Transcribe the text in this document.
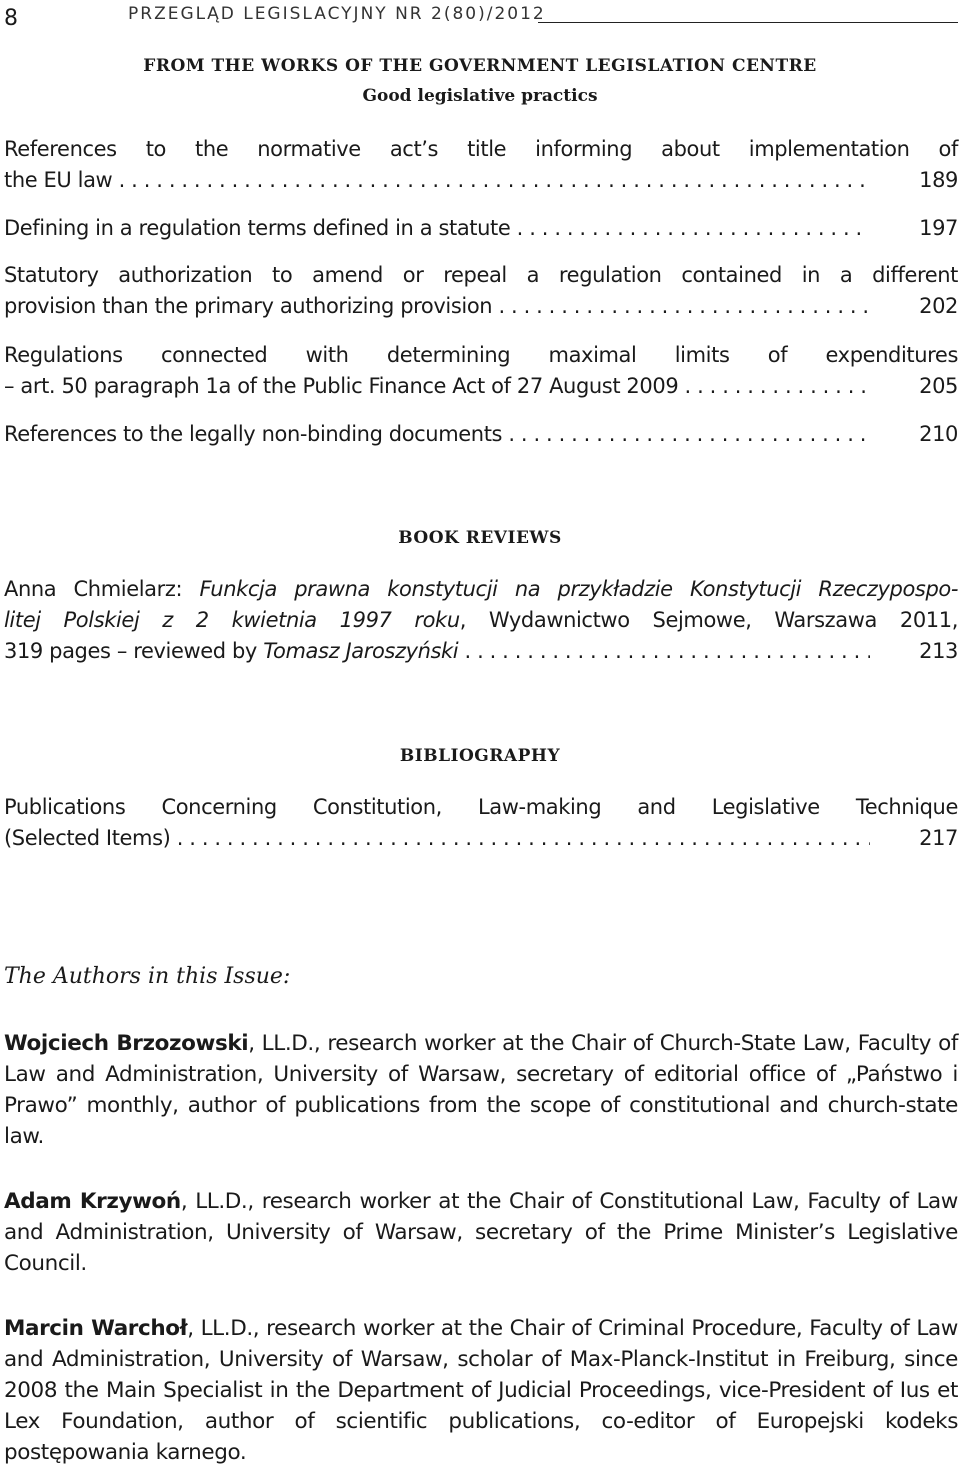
8	PRZEGLĄD LEGISLACYJNY NR 2(80)/2012
FROM THE WORKS OF THE GOVERNMENT LEGISLATION CENTRE
Good legislative practics
References to the normative act’s title informing about implementation of
the EU law . . .	189
Defining in a regulation terms defined in a statute . . .	197
Statutory authorization to amend or repeal a regulation contained in a different
provision than the primary authorizing provision . . .	202
Regulations connected with determining maximal limits of expenditures
– art. 50 paragraph 1a of the Public Finance Act of 27 August 2009 . . .	205
References to the legally non-binding documents . . .	210
BOOK REVIEWS
Anna Chmielarz: Funkcja prawna konstytucji na przykładzie Konstytucji Rzeczypospo-
litej Polskiej z 2 kwietnia 1997 roku, Wydawnictwo Sejmowe, Warszawa 2011,
319 pages – reviewed by Tomasz Jaroszyński . . .	213
BIBLIOGRAPHY
Publications Concerning Constitution, Law-making and Legislative Technique
(Selected Items) . . .	217
The Authors in this Issue:
Wojciech Brzozowski, LL.D., research worker at the Chair of Church-State Law, Faculty of Law and Administration, University of Warsaw, secretary of editorial office of „Państwo i Prawo” monthly, author of publications from the scope of constitutional and church-state law.
Adam Krzywoń, LL.D., research worker at the Chair of Constitutional Law, Faculty of Law and Administration, University of Warsaw, secretary of the Prime Minister’s Legislative Council.
Marcin Warchoł, LL.D., research worker at the Chair of Criminal Procedure, Faculty of Law and Administration, University of Warsaw, scholar of Max-Planck-Institut in Freiburg, since 2008 the Main Specialist in the Department of Judicial Proceedings, vice-President of Ius et Lex Foundation, author of scientific publications, co-editor of Europejski kodeks postępowania karnego.
